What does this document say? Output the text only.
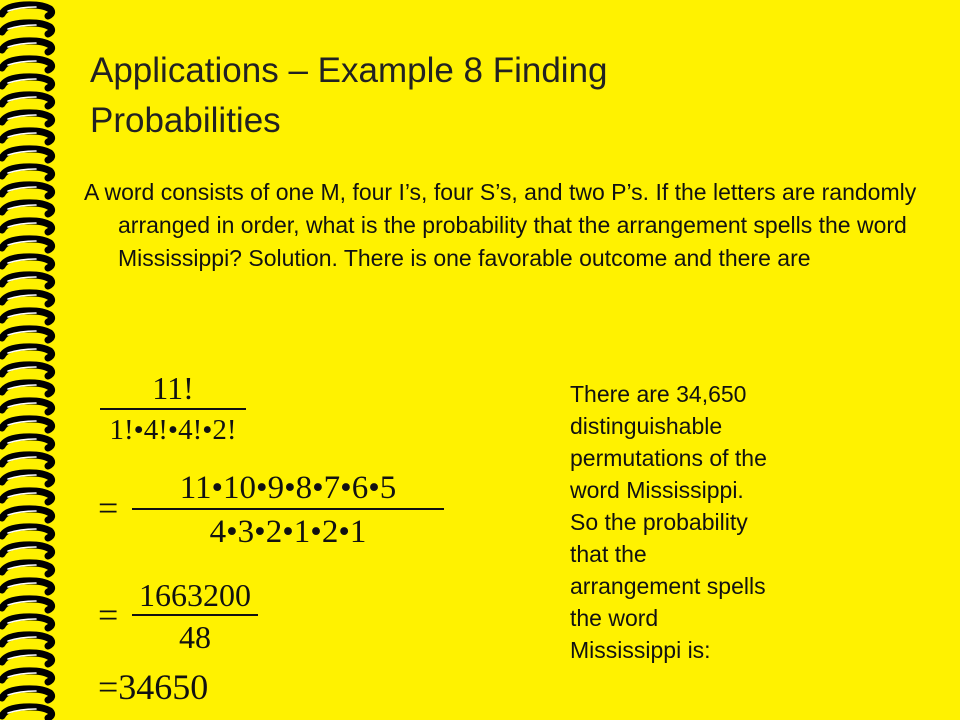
Applications – Example 8 Finding
Probabilities
A word consists of one M, four I’s, four S’s, and two P’s. If the letters are randomly arranged in order, what is the probability that the arrangement spells the word Mississippi? Solution. There is one favorable outcome and there are
11!
1!•4!•4!•2!
=	11•10•9•8•7•6•5
4•3•2•1•2•1
= 1663200
48
=34650
There are 34,650
distinguishable
permutations of the
word Mississippi.
So the probability
that the
arrangement spells
the word
Mississippi is:
